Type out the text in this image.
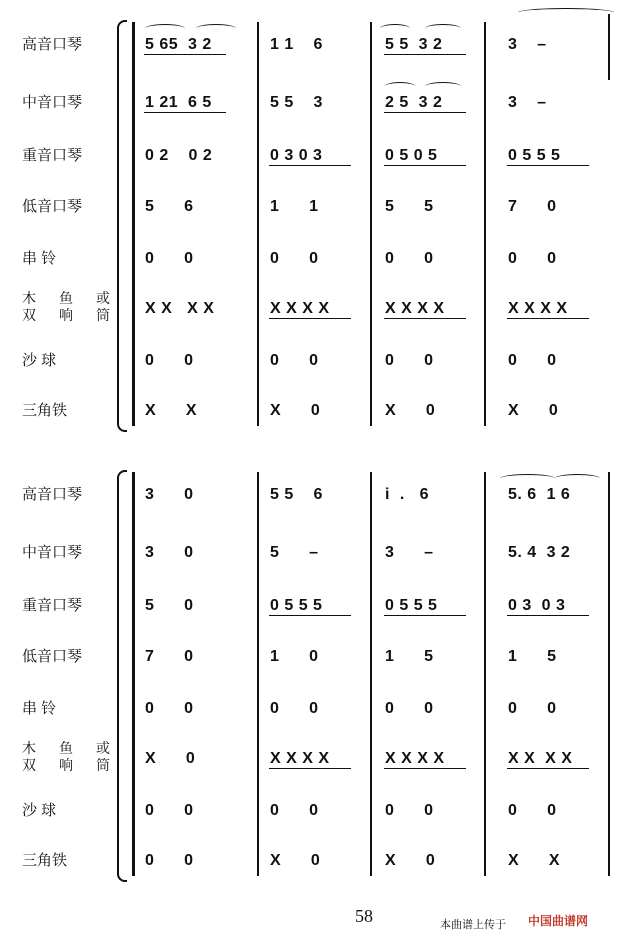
高音口琴	5 65  3 2	1 1    6	5 5  3 2	3    –
中音口琴	1 21  6 5	5 5    3	2 5  3 2	3    –
重音口琴	0 2    0 2	0 3 0 3	0 5 0 5	0 5 5 5
低音口琴	5      6	1      1	5      5	7      0
串 铃	0      0	0      0	0      0	0      0
木 鱼 或
双 响 筒 X X   X X	X X X X	X X X X	X X X X
沙 球	0      0	0      0	0      0	0      0
三角铁	X      X	X      0	X      0	X      0
高音口琴	3      0	5 5    6	i  .   6	5. 6  1 6
中音口琴	3      0	5      –	3      –	5. 4  3 2
重音口琴	5      0	0 5 5 5	0 5 5 5	0 3  0 3
低音口琴	7      0	1      0	1      5	1      5
串 铃	0      0	0      0	0      0	0      0
木 鱼 或
双 响 筒 X      0	X X X X	X X X X	X X  X X
沙 球	0      0	0      0	0      0	0      0
三角铁	0      0	X      0	X      0	X      X
58	本曲谱上传于 中国曲谱网
